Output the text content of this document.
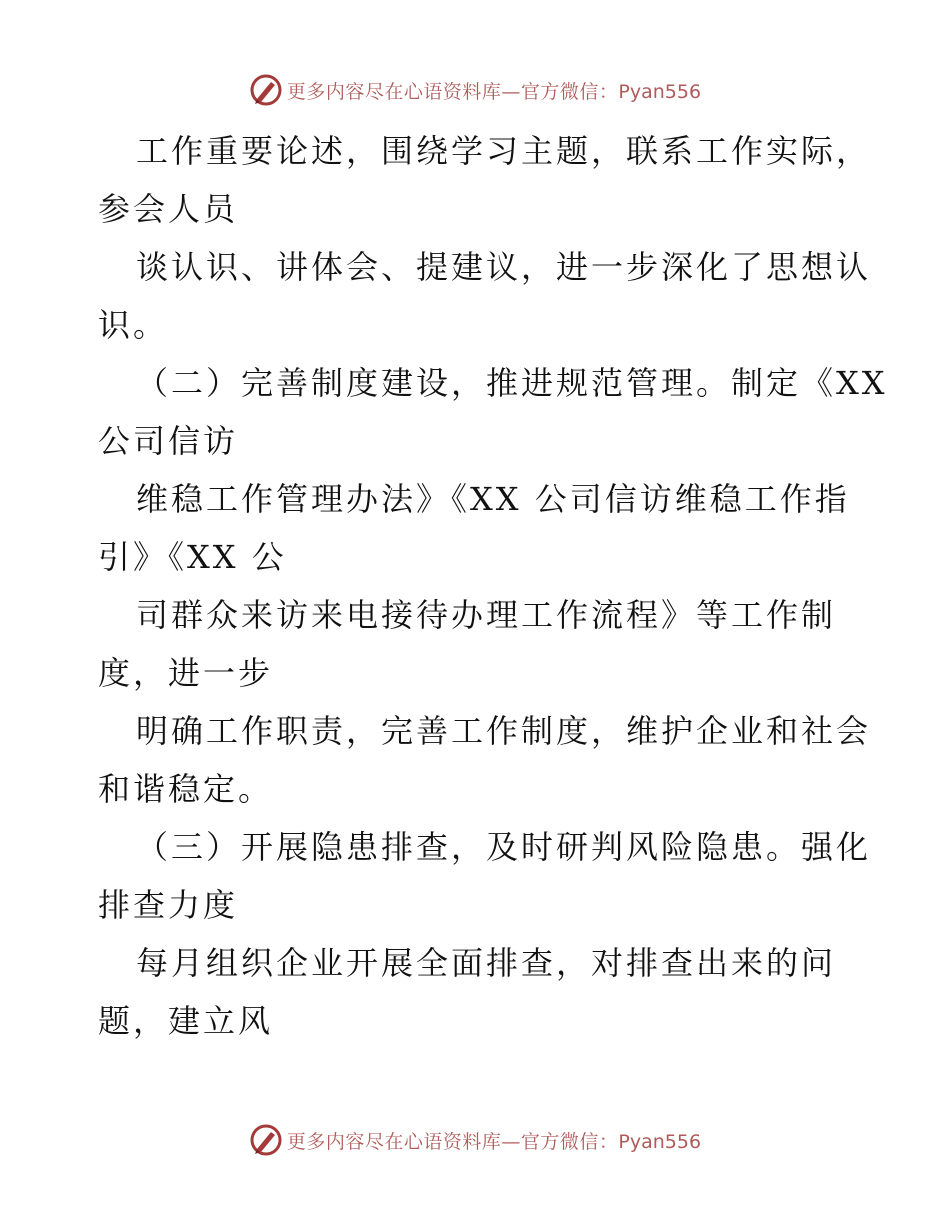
更多内容尽在心语资料库—官方微信：Pyan556
工作重要论述，围绕学习主题，联系工作实际，
参会人员
谈认识、讲体会、提建议，进一步深化了思想认
识。
（二）完善制度建设，推进规范管理。制定《XX
公司信访
维稳工作管理办法》《XX 公司信访维稳工作指
引》《XX 公
司群众来访来电接待办理工作流程》等工作制
度，进一步
明确工作职责，完善工作制度，维护企业和社会
和谐稳定。
（三）开展隐患排查，及时研判风险隐患。强化
排查力度
每月组织企业开展全面排查，对排查出来的问
题，建立风
更多内容尽在心语资料库—官方微信：Pyan556
